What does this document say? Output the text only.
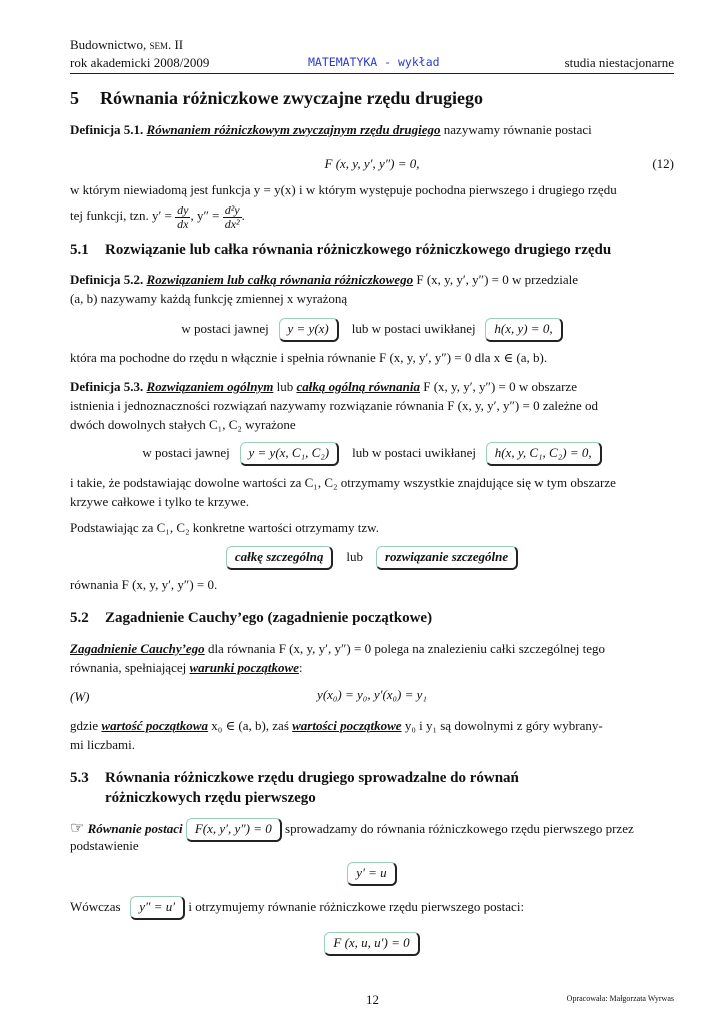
Budownictwo, sem. II
rok akademicki 2008/2009	MATEMATYKA - wykład	studia niestacjonarne
5 Równania różniczkowe zwyczajne rzędu drugiego
Definicja 5.1. Równaniem różniczkowym zwyczajnym rzędu drugiego nazywamy równanie postaci
F (x, y, y′, y″) = 0,	(12)
w którym niewiadomą jest funkcja y = y(x) i w którym występuje pochodna pierwszego i drugiego rzędu
tej funkcji, tzn. $y' = \frac{dy}{dx}$ , $y'' = \frac{\text{d²y}}{\text{dx²}}$ .
5.1 Rozwiązanie lub całka równania różniczkowego różniczkowego drugiego rzędu
Definicja 5.2. Rozwiązaniem lub całką równania różniczkowego F (x, y, y′, y″) = 0 w przedziale
(a, b) nazywamy każdą funkcję zmiennej x wyrażoną
w postaci jawnej y = y(x) lub w postaci uwikłanej h(x, y) = 0,
która ma pochodne do rzędu n włącznie i spełnia równanie F (x, y, y′, y″) = 0 dla x ∈ (a, b).
Definicja 5.3. Rozwiązaniem ogólnym lub całką ogólną równania F (x, y, y′, y″) = 0 w obszarze
istnienia i jednoznaczności rozwiązań nazywamy rozwiązanie równania F (x, y, y′, y″) = 0 zależne od
dwóch dowolnych stałych C₁, C₂ wyrażone
w postaci jawnej y = y(x, C₁, C₂) lub w postaci uwikłanej h(x, y, C₁, C₂) = 0,
i takie, że podstawiając dowolne wartości za C₁, C₂ otrzymamy wszystkie znajdujące się w tym obszarze
krzywe całkowe i tylko te krzywe.
Podstawiając za C₁, C₂ konkretne wartości otrzymamy tzw.
całkę szczególną lub rozwiązanie szczególne
równania F (x, y, y′, y″) = 0.
5.2 Zagadnienie Cauchy’ego (zagadnienie początkowe)
Zagadnienie Cauchy’ego dla równania F (x, y, y′, y″) = 0 polega na znalezieniu całki szczególnej tego
równania, spełniającej warunki początkowe:
(W)	y(x₀) = y₀, y′(x₀) = y₁
gdzie wartość początkowa x₀ ∈ (a, b), zaś wartości początkowe y₀ i y₁ są dowolnymi z góry wybrany-
mi liczbami.
5.3 Równania różniczkowe rzędu drugiego sprowadzalne do równań
różniczkowych rzędu pierwszego
☞ Równanie postaci F(x, y′, y″) = 0 sprowadzamy do równania różniczkowego rzędu pierwszego przez
podstawienie
y′ = u
Wówczas y″ = u′ i otrzymujemy równanie różniczkowe rzędu pierwszego postaci:
F (x, u, u′) = 0
12	Opracowała: Małgorzata Wyrwas
